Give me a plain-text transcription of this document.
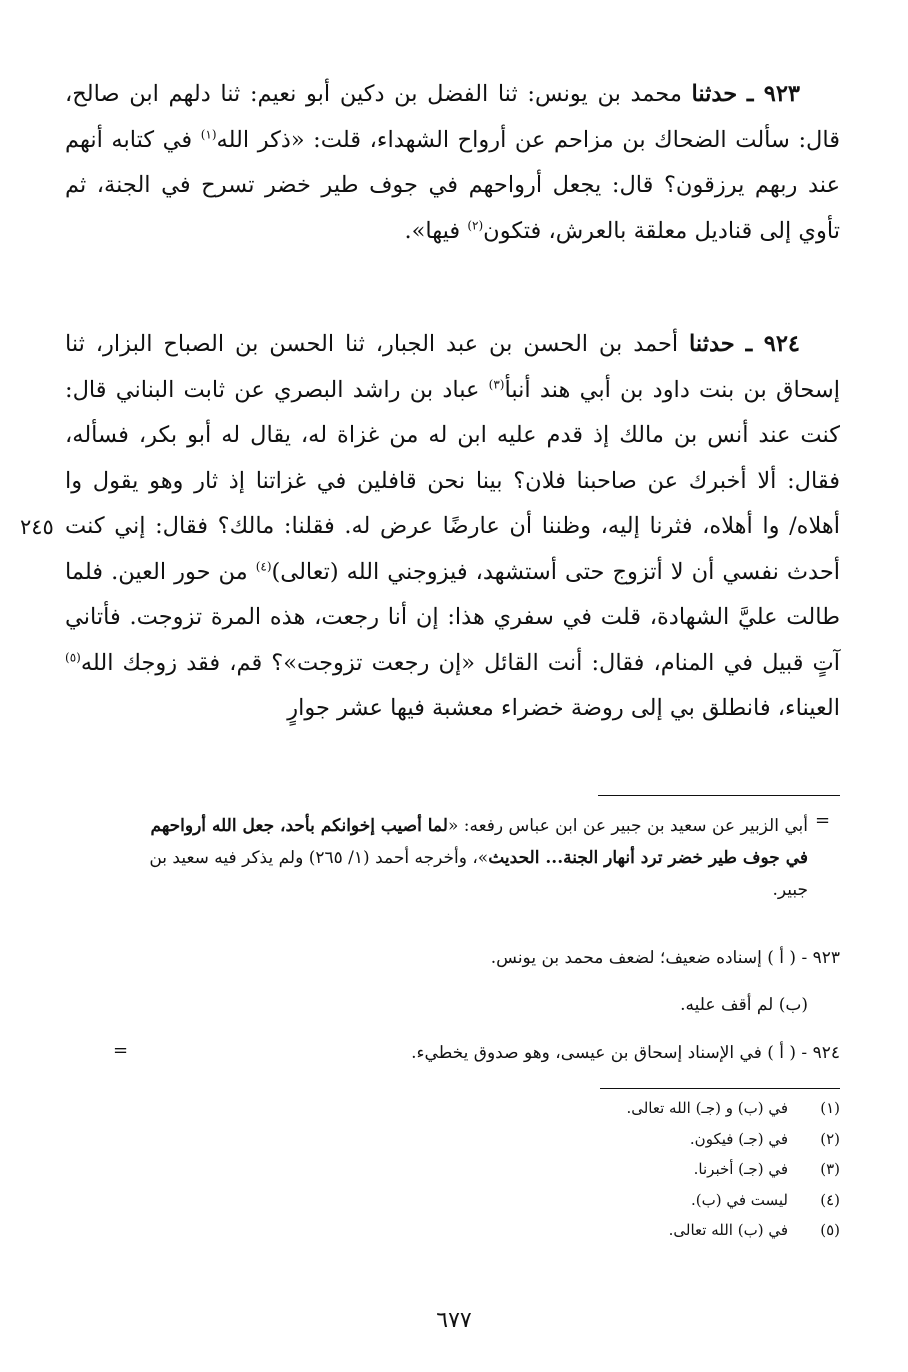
٩٢٣ ـ حدثنا محمد بن يونس: ثنا الفضل بن دكين أبو نعيم: ثنا دلهم ابن صالح، قال: سألت الضحاك بن مزاحم عن أرواح الشهداء، قلت: «ذكر الله$^{(١)}$ في كتابه أنهم عند ربهم يرزقون؟ قال: يجعل أرواحهم في جوف طير خضر تسرح في الجنة، ثم تأوي إلى قناديل معلقة بالعرش، فتكون$^{(٢)}$ فيها».

٩٢٤ ـ حدثنا أحمد بن الحسن بن عبد الجبار، ثنا الحسن بن الصباح البزار، ثنا إسحاق بن بنت داود بن أبي هند أنبأ$^{(٣)}$ عباد بن راشد البصري عن ثابت البناني قال: كنت عند أنس بن مالك إذ قدم عليه ابن له من غزاة له، يقال له أبو بكر، فسأله، فقال: ألا أخبرك عن صاحبنا فلان؟ بينا نحن قافلين في غزاتنا إذ ثار وهو يقول وا أهلاه/ وا أهلاه، فثرنا إليه، وظننا أن عارضًا عرض له. فقلنا: مالك؟ فقال: إني كنت أحدث نفسي أن لا أتزوج حتى أستشهد، فيزوجني الله (تعالى)$^{(٤)}$ من حور العين. فلما طالت عليَّ الشهادة، قلت في سفري هذا: إن أنا رجعت، هذه المرة تزوجت. فأتاني آتٍ قبيل في المنام، فقال: أنت القائل «إن رجعت تزوجت»؟ قم، فقد زوجك الله$^{(٥)}$ العيناء، فانطلق بي إلى روضة خضراء معشبة فيها عشر جوارٍ

٢٤٥
=

أبي الزبير عن سعيد بن جبير عن ابن عباس رفعه: «لما أصيب إخوانكم بأحد، جعل الله أرواحهم في جوف طير خضر ترد أنهار الجنة... الحديث»، وأخرجه أحمد (١/ ٢٦٥) ولم يذكر فيه سعيد بن جبير.

٩٢٣ - ( أ ) إسناده ضعيف؛ لضعف محمد بن يونس.

(ب) لم أقف عليه.

٩٢٤ - ( أ ) في الإسناد إسحاق بن عيسى، وهو صدوق يخطيء.

=
(١)
في (ب) و (جـ) الله تعالى.
(٢)
في (جـ) فيكون.
(٣)
في (جـ) أخبرنا.
(٤)
ليست في (ب).
(٥)
في (ب) الله تعالى.
٦٧٧
